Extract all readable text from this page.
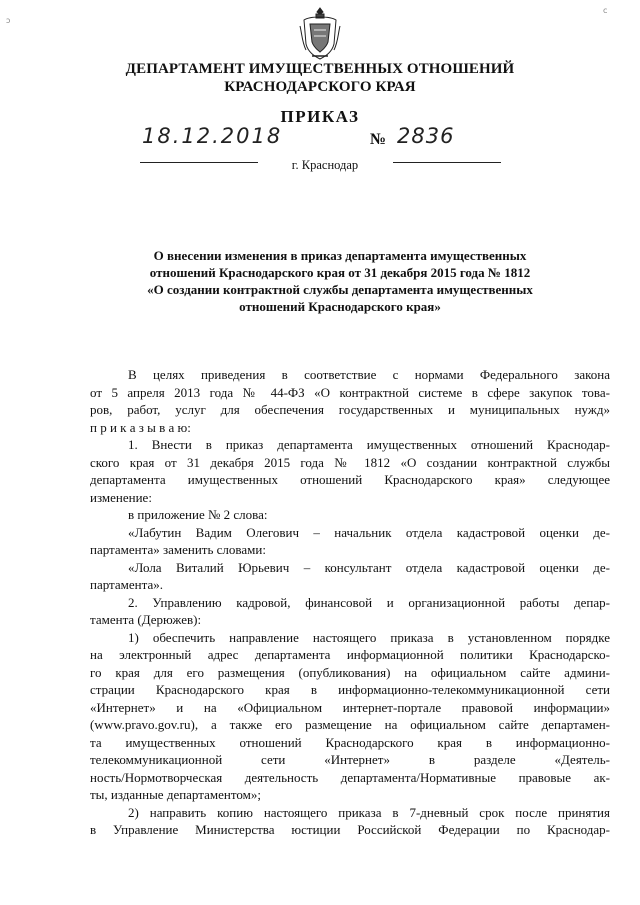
ↄ
c
ДЕПАРТАМЕНТ ИМУЩЕСТВЕННЫХ ОТНОШЕНИЙ
КРАСНОДАРСКОГО КРАЯ
ПРИКАЗ
18.12.2018	№ 2836
г. Краснодар
О внесении изменения в приказ департамента имущественных
отношений Краснодарского края от 31 декабря 2015 года № 1812
«О создании контрактной службы департамента имущественных
отношений Краснодарского края»
В целях приведения в соответствие с нормами Федерального закона
от 5 апреля 2013 года № 44-ФЗ «О контрактной системе в сфере закупок това-
ров, работ, услуг для обеспечения государственных и муниципальных нужд»
п р и к а з ы в а ю:
1. Внести в приказ департамента имущественных отношений Краснодар-
ского края от 31 декабря 2015 года № 1812 «О создании контрактной службы
департамента имущественных отношений Краснодарского края» следующее
изменение:
в приложение № 2 слова:
«Лабутин Вадим Олегович – начальник отдела кадастровой оценки де-
партамента» заменить словами:
«Лола Виталий Юрьевич – консультант отдела кадастровой оценки де-
партамента».
2. Управлению кадровой, финансовой и организационной работы депар-
тамента (Дерюжев):
1) обеспечить направление настоящего приказа в установленном порядке
на электронный адрес департамента информационной политики Краснодарско-
го края для его размещения (опубликования) на официальном сайте админи-
страции Краснодарского края в информационно-телекоммуникационной сети
«Интернет» и на «Официальном интернет-портале правовой информации»
(www.pravo.gov.ru), а также его размещение на официальном сайте департамен-
та имущественных отношений Краснодарского края в информационно-
телекоммуникационной сети «Интернет» в разделе «Деятель-
ность/Нормотворческая деятельность департамента/Нормативные правовые ак-
ты, изданные департаментом»;
2) направить копию настоящего приказа в 7-дневный срок после принятия
в Управление Министерства юстиции Российской Федерации по Краснодар-
